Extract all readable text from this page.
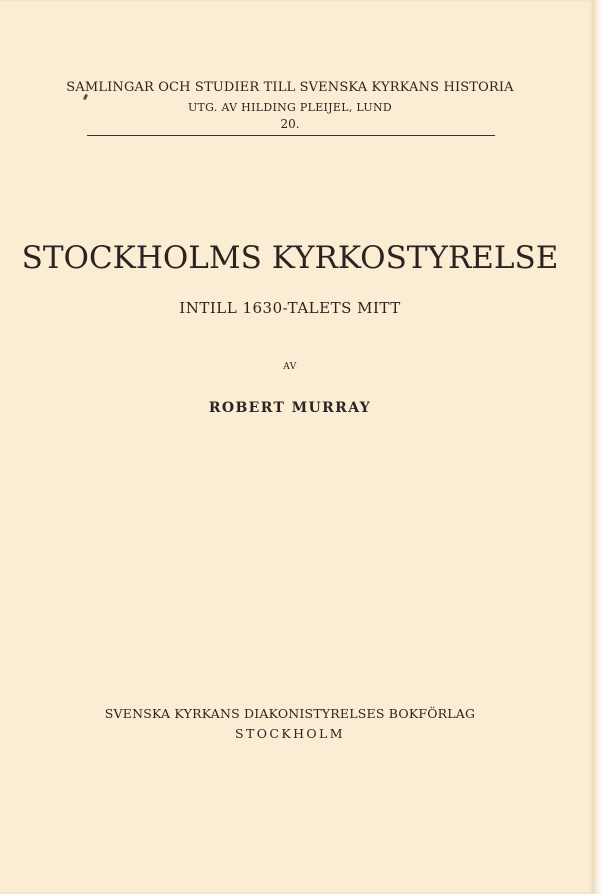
SAMLINGAR OCH STUDIER TILL SVENSKA KYRKANS HISTORIA
UTG. AV HILDING PLEIJEL, LUND
20.
STOCKHOLMS KYRKOSTYRELSE
INTILL 1630-TALETS MITT
AV
ROBERT MURRAY
SVENSKA KYRKANS DIAKONISTYRELSES BOKFÖRLAG
STOCKHOLM
